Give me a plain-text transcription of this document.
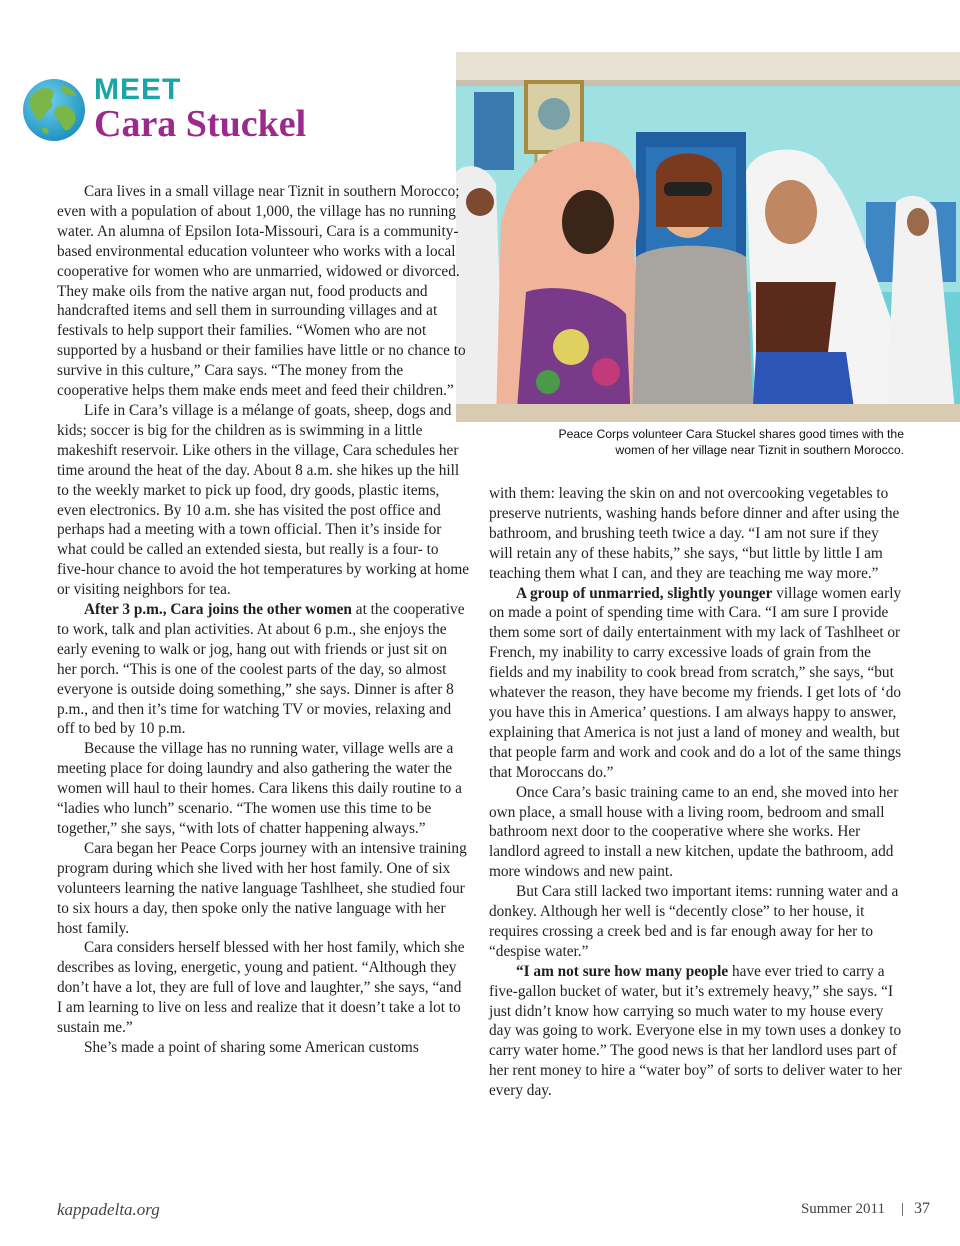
MEET
Cara Stuckel
Peace Corps volunteer Cara Stuckel shares good times with the
women of her village near Tiznit in southern Morocco.

Cara lives in a small village near Tiznit in southern Morocco; even with a population of about 1,000, the village has no running water. An alumna of Epsilon Iota-Missouri, Cara is a community-based environmental education volunteer who works with a local cooperative for women who are unmarried, widowed or divorced. They make oils from the native argan nut, food products and handcrafted items and sell them in surrounding villages and at festivals to help support their families. “Women who are not supported by a husband or their families have little or no chance to survive in this culture,” Cara says. “The money from the cooperative helps them make ends meet and feed their children.”

Life in Cara’s village is a mélange of goats, sheep, dogs and kids; soccer is big for the children as is swimming in a little makeshift reservoir. Like others in the village, Cara schedules her time around the heat of the day. About 8 a.m. she hikes up the hill to the weekly market to pick up food, dry goods, plastic items, even electronics. By 10 a.m. she has visited the post office and perhaps had a meeting with a town official. Then it’s inside for what could be called an extended siesta, but really is a four- to five-hour chance to avoid the hot temperatures by working at home or visiting neighbors for tea.

After 3 p.m., Cara joins the other women at the cooperative to work, talk and plan activities. At about 6 p.m., she enjoys the early evening to walk or jog, hang out with friends or just sit on her porch. “This is one of the coolest parts of the day, so almost everyone is outside doing something,” she says. Dinner is after 8 p.m., and then it’s time for watching TV or movies, relaxing and off to bed by 10 p.m.

Because the village has no running water, village wells are a meeting place for doing laundry and also gathering the water the women will haul to their homes. Cara likens this daily routine to a “ladies who lunch” scenario. “The women use this time to be together,” she says, “with lots of chatter happening always.”

Cara began her Peace Corps journey with an intensive training program during which she lived with her host family. One of six volunteers learning the native language Tashlheet, she studied four to six hours a day, then spoke only the native language with her host family.

Cara considers herself blessed with her host family, which she describes as loving, energetic, young and patient. “Although they don’t have a lot, they are full of love and laughter,” she says, “and I am learning to live on less and realize that it doesn’t take a lot to sustain me.”

She’s made a point of sharing some American customs

with them: leaving the skin on and not overcooking vegetables to preserve nutrients, washing hands before dinner and after using the bathroom, and brushing teeth twice a day. “I am not sure if they will retain any of these habits,” she says, “but little by little I am teaching them what I can, and they are teaching me way more.”

A group of unmarried, slightly younger village women early on made a point of spending time with Cara. “I am sure I provide them some sort of daily entertainment with my lack of Tashlheet or French, my inability to carry excessive loads of grain from the fields and my inability to cook bread from scratch,” she says, “but whatever the reason, they have become my friends. I get lots of ‘do you have this in America’ questions. I am always happy to answer, explaining that America is not just a land of money and wealth, but that people farm and work and cook and do a lot of the same things that Moroccans do.”

Once Cara’s basic training came to an end, she moved into her own place, a small house with a living room, bedroom and small bathroom next door to the cooperative where she works. Her landlord agreed to install a new kitchen, update the bathroom, add more windows and new paint.

But Cara still lacked two important items: running water and a donkey. Although her well is “decently close” to her house, it requires crossing a creek bed and is far enough away for her to “despise water.”

“I am not sure how many people have ever tried to carry a five-gallon bucket of water, but it’s extremely heavy,” she says. “I just didn’t know how carrying so much water to my house every day was going to work. Everyone else in my town uses a donkey to carry water home.” The good news is that her landlord uses part of her rent money to hire a “water boy” of sorts to deliver water to her every day.

kappadelta.org	Summer 2011 | 37
